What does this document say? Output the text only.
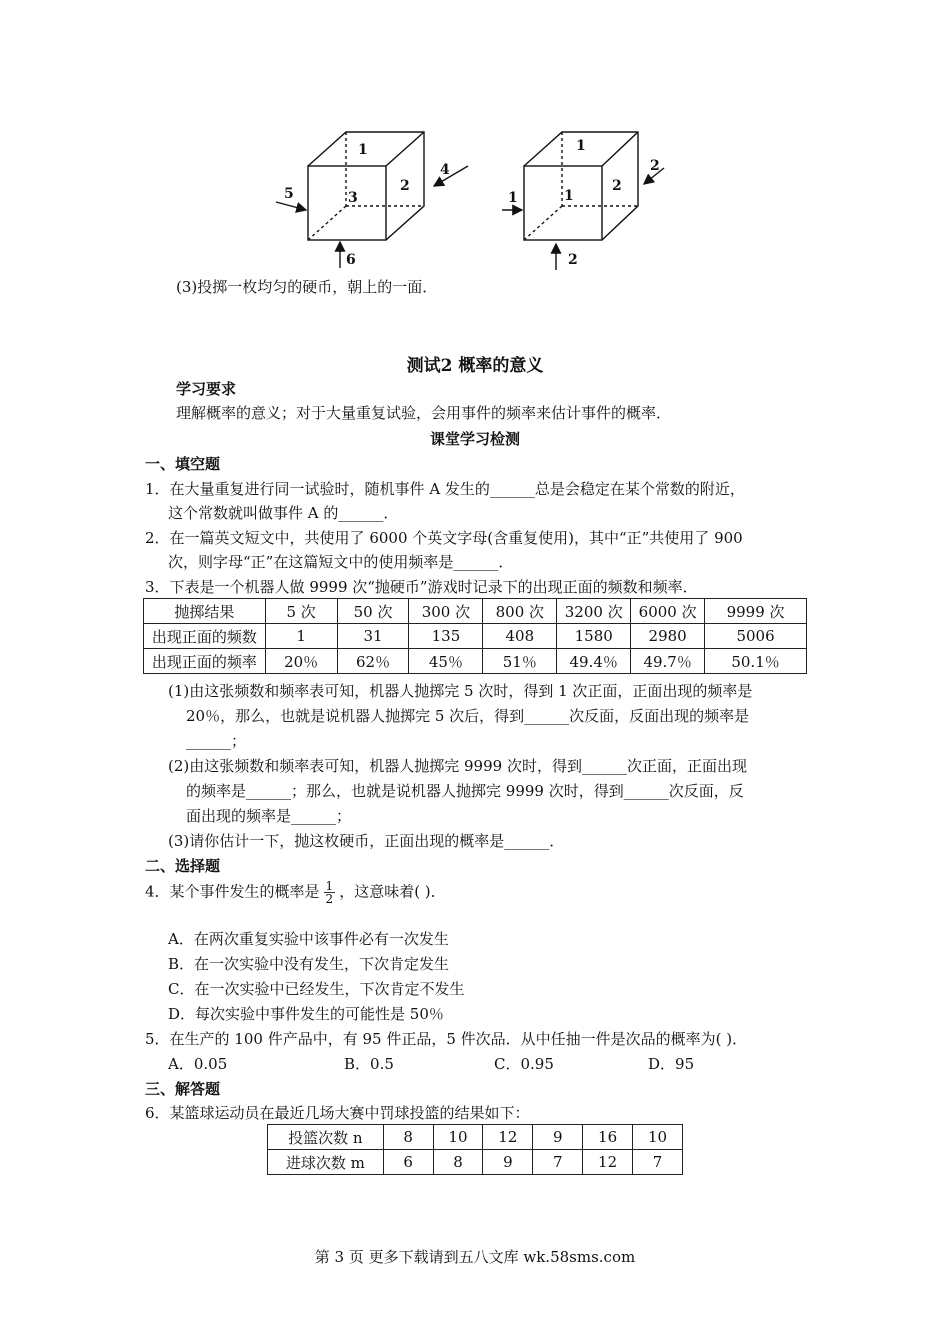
1
3
2
5
4
6
1
1
2
1
2
2
(3)投掷一枚均匀的硬币，朝上的一面．
测试2 概率的意义
学习要求
理解概率的意义；对于大量重复试验，会用事件的频率来估计事件的概率．
课堂学习检测
一、填空题
1．在大量重复进行同一试验时，随机事件 A 发生的______总是会稳定在某个常数的附近，
这个常数就叫做事件 A 的______．
2．在一篇英文短文中，共使用了 6000 个英文字母(含重复使用)，其中“正”共使用了 900
次，则字母“正”在这篇短文中的使用频率是______．
3．下表是一个机器人做 9999 次“抛硬币”游戏时记录下的出现正面的频数和频率．
抛掷结果	5 次	50 次	300 次	800 次	3200 次	6000 次	9999 次
出现正面的频数	1	31	135	408	1580	2980	5006
出现正面的频率	20％	62％	45％	51％	49.4％	49.7％	50.1％
(1)由这张频数和频率表可知，机器人抛掷完 5 次时，得到 1 次正面，正面出现的频率是
20％，那么，也就是说机器人抛掷完 5 次后，得到______次反面，反面出现的频率是
______；
(2)由这张频数和频率表可知，机器人抛掷完 9999 次时，得到______次正面，正面出现
的频率是______；那么，也就是说机器人抛掷完 9999 次时，得到______次反面，反
面出现的频率是______；
(3)请你估计一下，抛这枚硬币，正面出现的概率是______．
二、选择题
4．某个事件发生的概率是 $\frac{1}{2}$ ，这意味着( )．
A．在两次重复实验中该事件必有一次发生
B．在一次实验中没有发生，下次肯定发生
C．在一次实验中已经发生，下次肯定不发生
D．每次实验中事件发生的可能性是 50％
5．在生产的 100 件产品中，有 95 件正品，5 件次品．从中任抽一件是次品的概率为( )．
A．0.05	B．0.5	C．0.95	D．95
三、解答题
6．某篮球运动员在最近几场大赛中罚球投篮的结果如下：
投篮次数 n	8	10	12	9	16	10
进球次数 m	6	8	9	7	12	7
第 3 页 更多下载请到五八文库 wk.58sms.com
